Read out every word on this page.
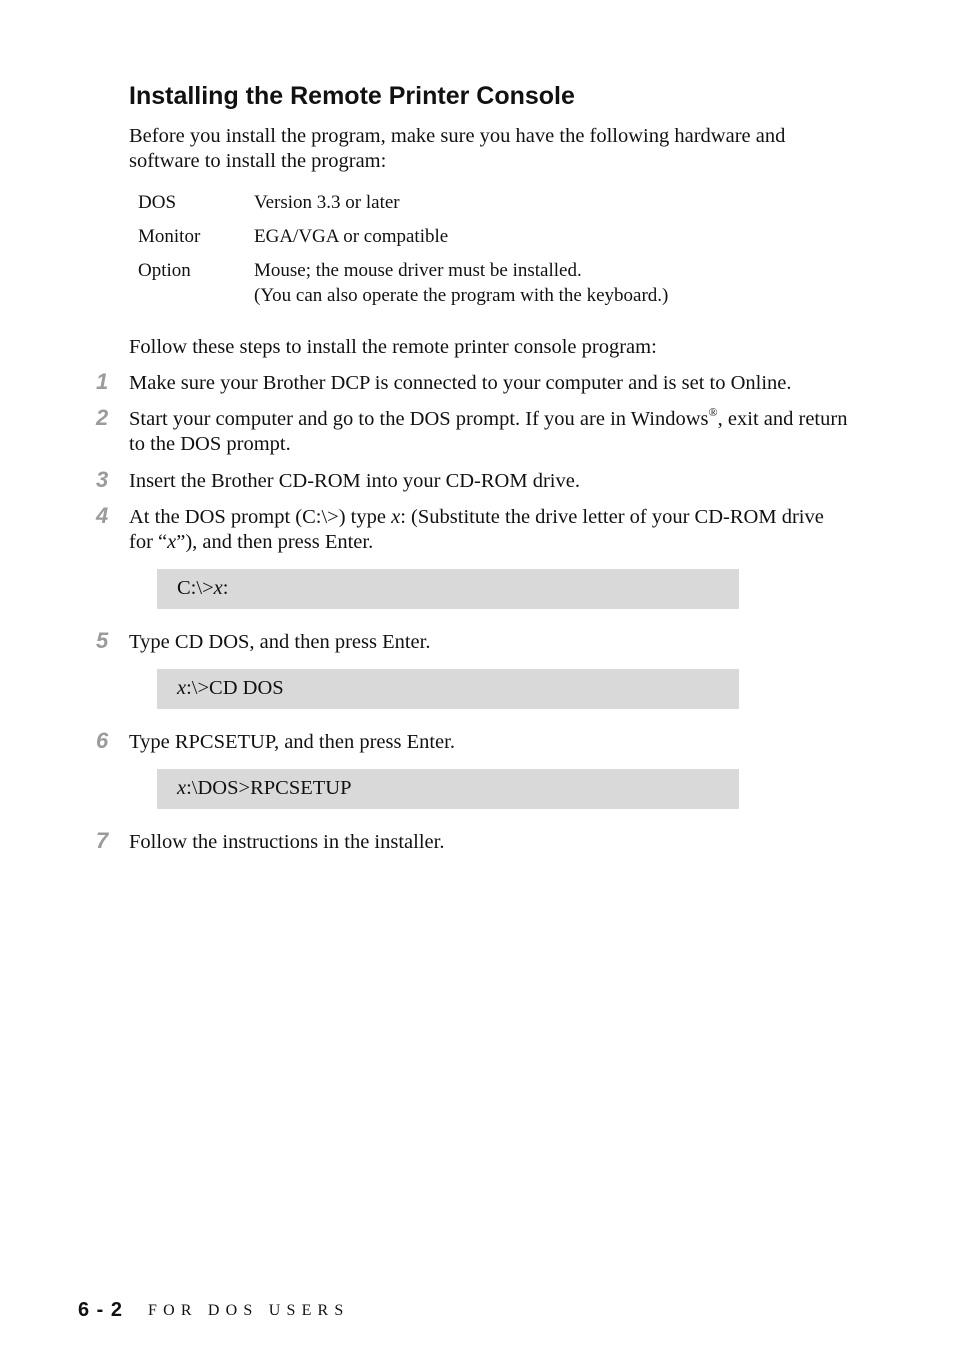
Installing the Remote Printer Console

Before you install the program, make sure you have the following hardware and software to install the program:

DOS	Version 3.3 or later
Monitor	EGA/VGA or compatible
Option	Mouse; the mouse driver must be installed.
(You can also operate the program with the keyboard.)

Follow these steps to install the remote printer console program:

1	Make sure your Brother DCP is connected to your computer and is set to Online.

2	Start your computer and go to the DOS prompt. If you are in Windows®, exit and return to the DOS prompt.

3	Insert the Brother CD-ROM into your CD-ROM drive.

4	At the DOS prompt (C:\>) type x: (Substitute the drive letter of your CD-ROM drive for “x”), and then press Enter.

C:\>x:
5	Type CD DOS, and then press Enter.

x:\>CD DOS
6	Type RPCSETUP, and then press Enter.

x:\DOS>RPCSETUP
7	Follow the instructions in the installer.

6 - 2 FOR DOS USERS
